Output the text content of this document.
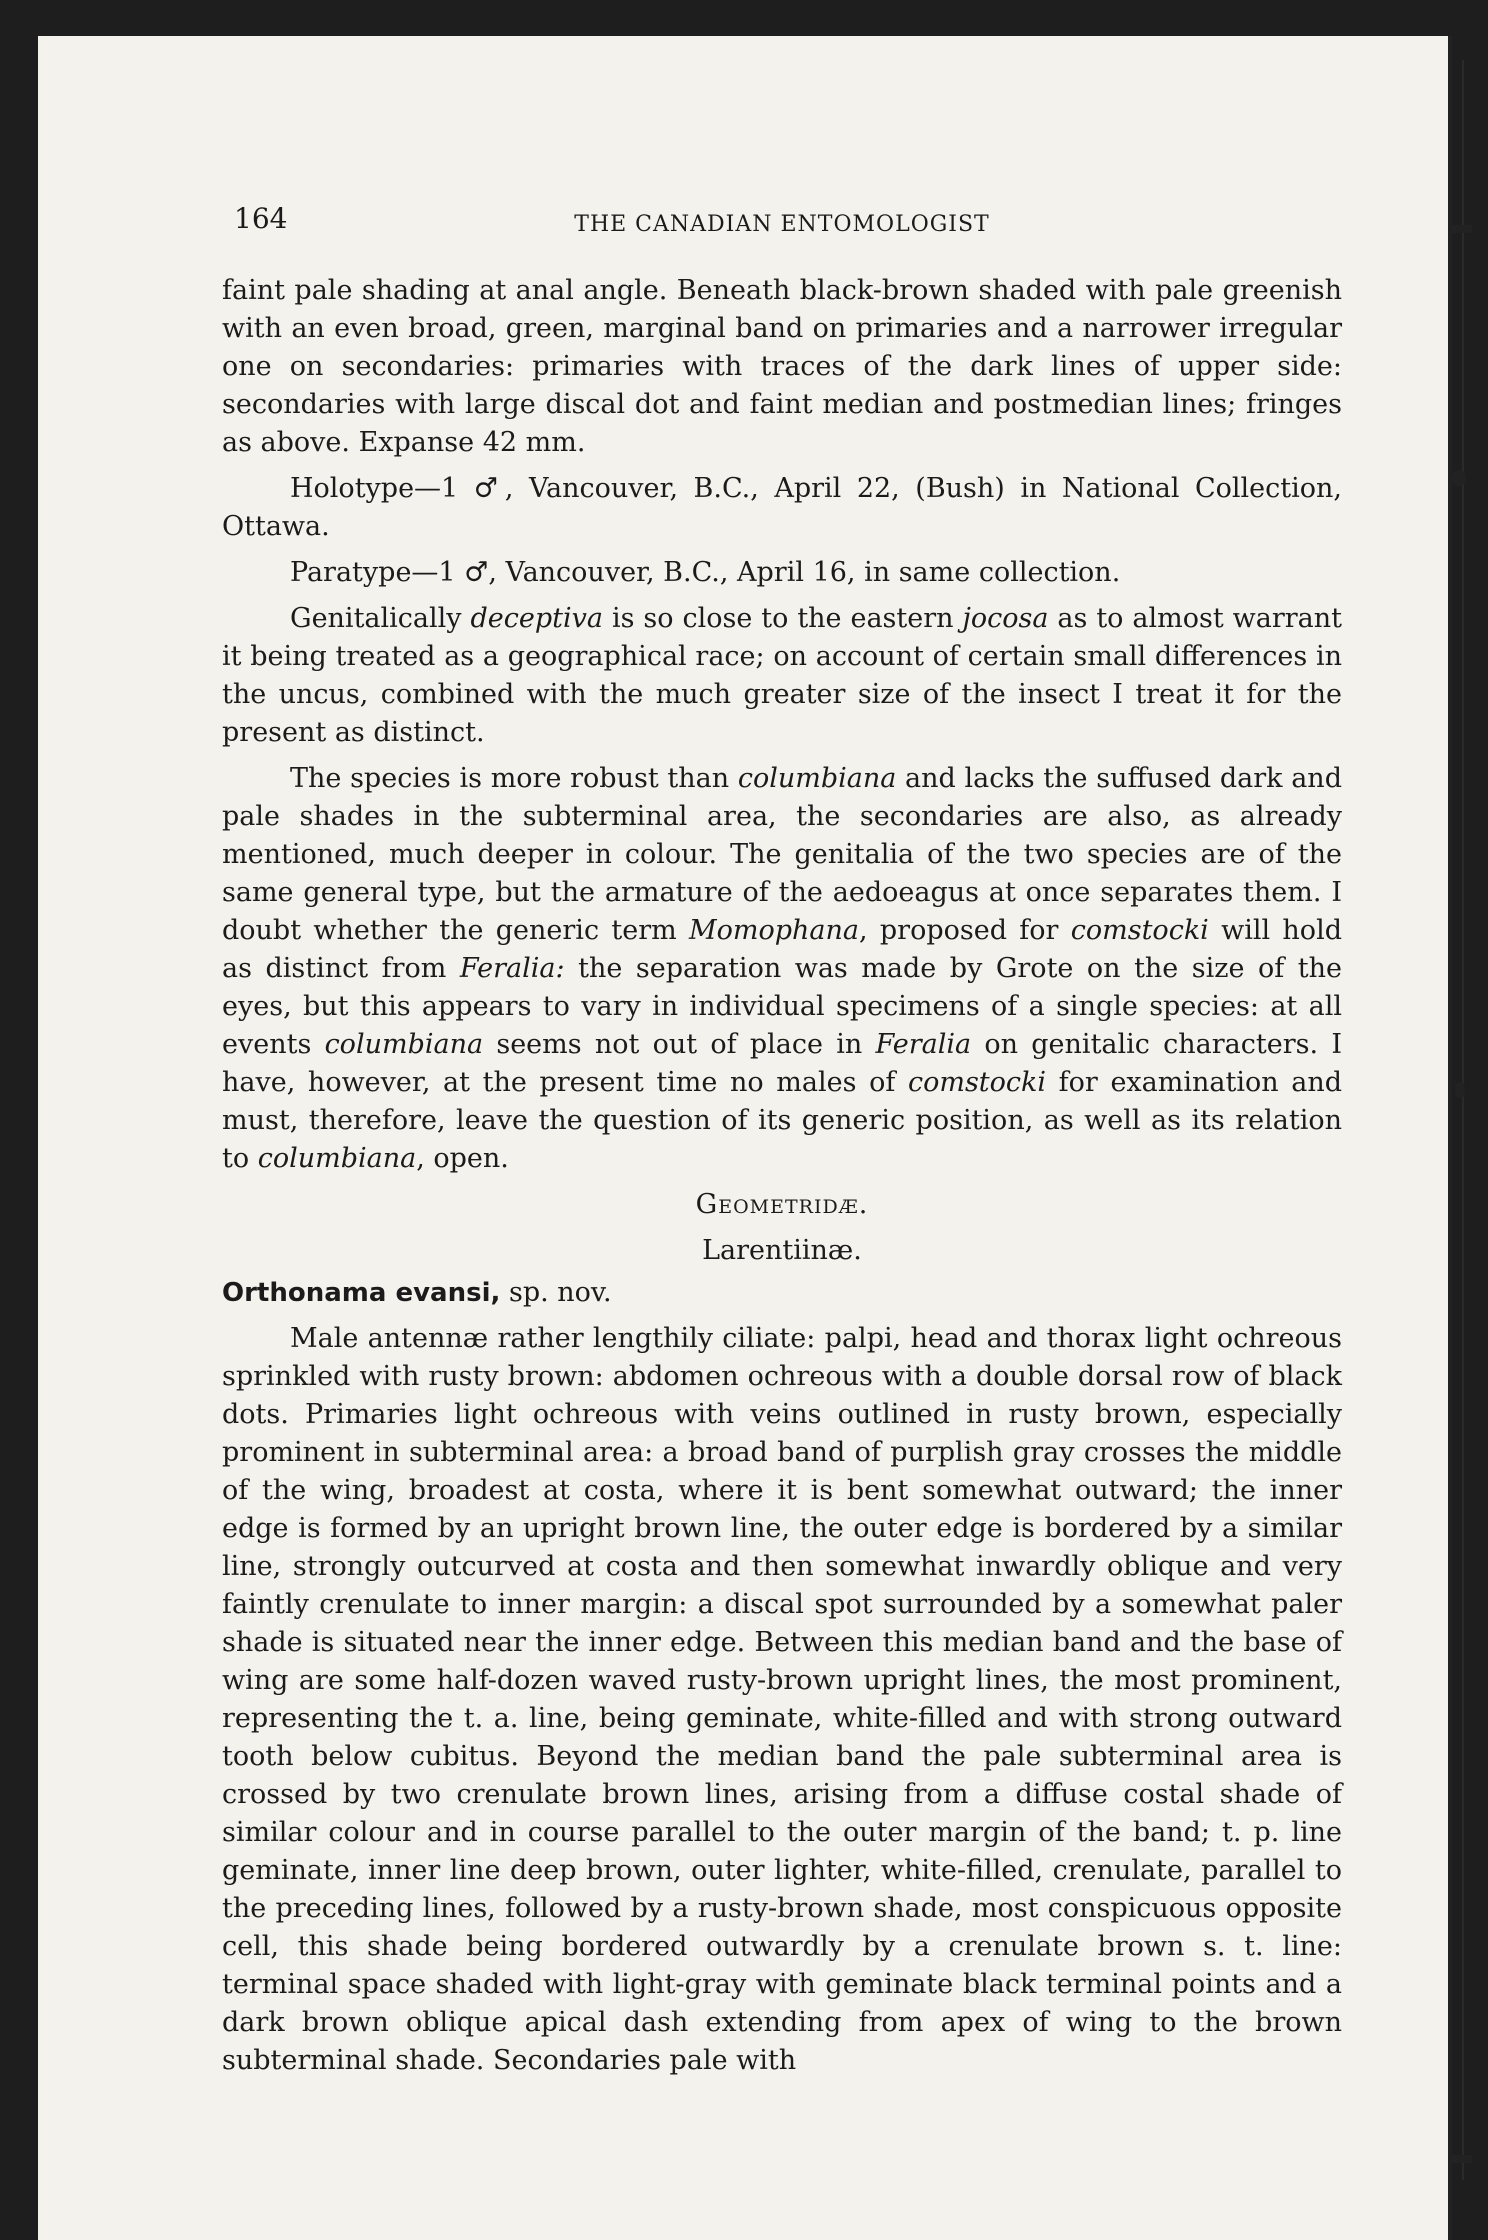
164	THE CANADIAN ENTOMOLOGIST

faint pale shading at anal angle. Beneath black-brown shaded with pale greenish with an even broad, green, marginal band on primaries and a narrower irregular one on secondaries: primaries with traces of the dark lines of upper side: secondaries with large discal dot and faint median and postmedian lines; fringes as above. Expanse 42 mm.

Holotype—1 ♂, Vancouver, B.C., April 22, (Bush) in National Collection, Ottawa.

Paratype—1 ♂, Vancouver, B.C., April 16, in same collection.

Genitalically deceptiva is so close to the eastern jocosa as to almost warrant it being treated as a geographical race; on account of certain small differences in the uncus, combined with the much greater size of the insect I treat it for the present as distinct.

The species is more robust than columbiana and lacks the suffused dark and pale shades in the subterminal area, the secondaries are also, as already mentioned, much deeper in colour. The genitalia of the two species are of the same general type, but the armature of the aedoeagus at once separates them. I doubt whether the generic term Momophana, proposed for comstocki will hold as distinct from Feralia: the separation was made by Grote on the size of the eyes, but this appears to vary in individual specimens of a single species: at all events columbiana seems not out of place in Feralia on genitalic characters. I have, however, at the present time no males of comstocki for examination and must, therefore, leave the question of its generic position, as well as its relation to columbiana, open.

Geometridæ.

Larentiinæ.

Orthonama evansi, sp. nov.

Male antennæ rather lengthily ciliate: palpi, head and thorax light ochreous sprinkled with rusty brown: abdomen ochreous with a double dorsal row of black dots. Primaries light ochreous with veins outlined in rusty brown, especially prominent in subterminal area: a broad band of purplish gray crosses the middle of the wing, broadest at costa, where it is bent somewhat outward; the inner edge is formed by an upright brown line, the outer edge is bordered by a similar line, strongly outcurved at costa and then somewhat inwardly oblique and very faintly crenulate to inner margin: a discal spot surrounded by a somewhat paler shade is situated near the inner edge. Between this median band and the base of wing are some half-dozen waved rusty-brown upright lines, the most prominent, representing the t. a. line, being geminate, white-filled and with strong outward tooth below cubitus. Beyond the median band the pale subterminal area is crossed by two crenulate brown lines, arising from a diffuse costal shade of similar colour and in course parallel to the outer margin of the band; t. p. line geminate, inner line deep brown, outer lighter, white-filled, crenulate, parallel to the preceding lines, followed by a rusty-brown shade, most conspicuous opposite cell, this shade being bordered outwardly by a crenulate brown s. t. line: terminal space shaded with light-gray with geminate black terminal points and a dark brown oblique apical dash extending from apex of wing to the brown subterminal shade. Secondaries pale with
